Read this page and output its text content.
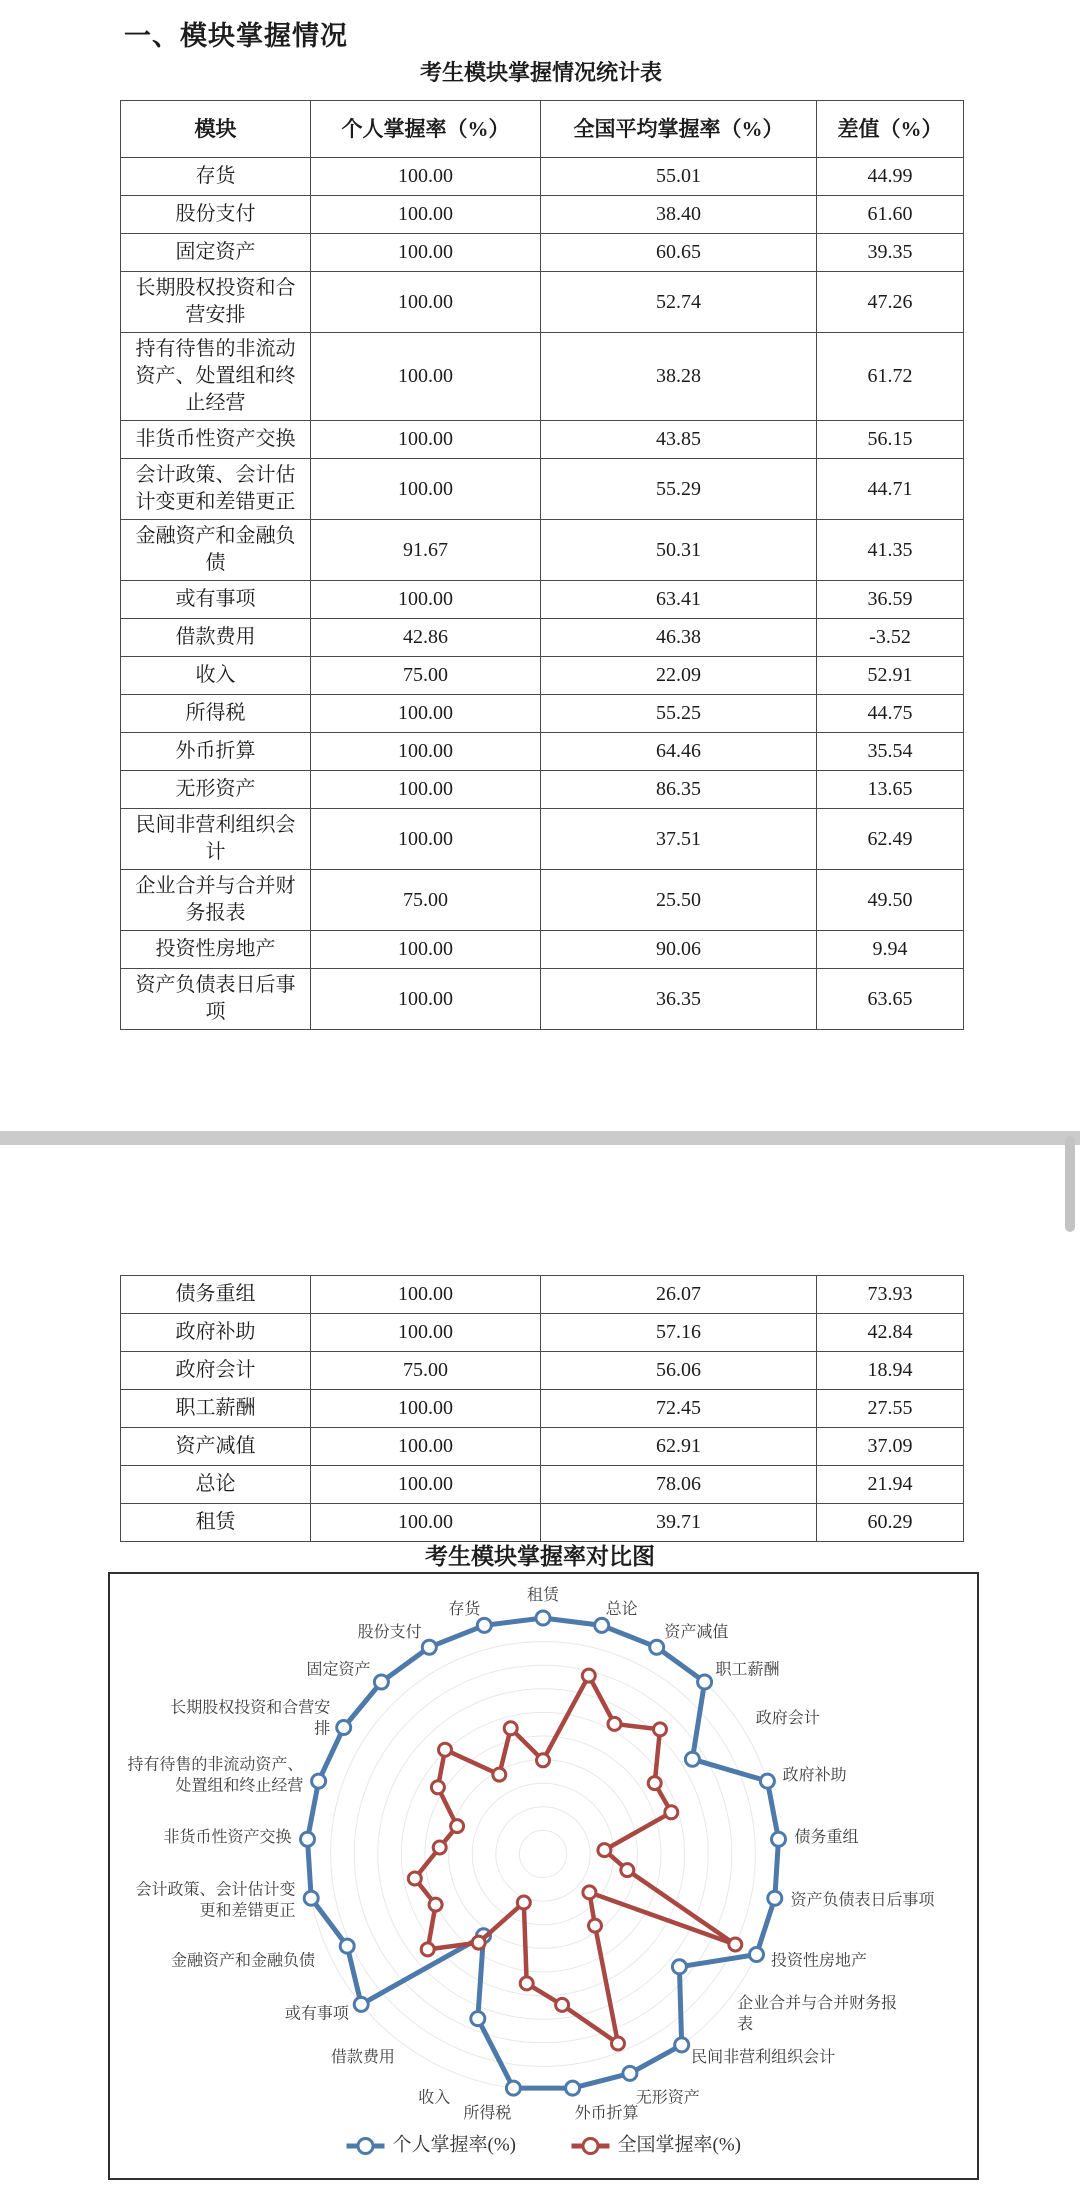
一、模块掌握情况
考生模块掌握情况统计表
模块	个人掌握率（%）	全国平均掌握率（%）	差值（%）
存货	100.00	55.01	44.99
股份支付	100.00	38.40	61.60
固定资产	100.00	60.65	39.35
长期股权投资和合营安排	100.00	52.74	47.26
持有待售的非流动资产、处置组和终止经营	100.00	38.28	61.72
非货币性资产交换	100.00	43.85	56.15
会计政策、会计估计变更和差错更正	100.00	55.29	44.71
金融资产和金融负债	91.67	50.31	41.35
或有事项	100.00	63.41	36.59
借款费用	42.86	46.38	-3.52
收入	75.00	22.09	52.91
所得税	100.00	55.25	44.75
外币折算	100.00	64.46	35.54
无形资产	100.00	86.35	13.65
民间非营利组织会计	100.00	37.51	62.49
企业合并与合并财务报表	75.00	25.50	49.50
投资性房地产	100.00	90.06	9.94
资产负债表日后事项	100.00	36.35	63.65
债务重组	100.00	26.07	73.93
政府补助	100.00	57.16	42.84
政府会计	75.00	56.06	18.94
职工薪酬	100.00	72.45	27.55
资产减值	100.00	62.91	37.09
总论	100.00	78.06	21.94
租赁	100.00	39.71	60.29
考生模块掌握率对比图
租赁
总论
资产减值
职工薪酬
政府会计
政府补助
债务重组
资产负债表日后事项
投资性房地产
企业合并与合并财务报表
民间非营利组织会计
无形资产
外币折算
所得税
收入
借款费用
或有事项
金融资产和金融负债
会计政策、会计估计变更和差错更正
非货币性资产交换
持有待售的非流动资产、处置组和终止经营
长期股权投资和合营安排
固定资产
股份支付
存货
个人掌握率(%)	全国掌握率(%)
